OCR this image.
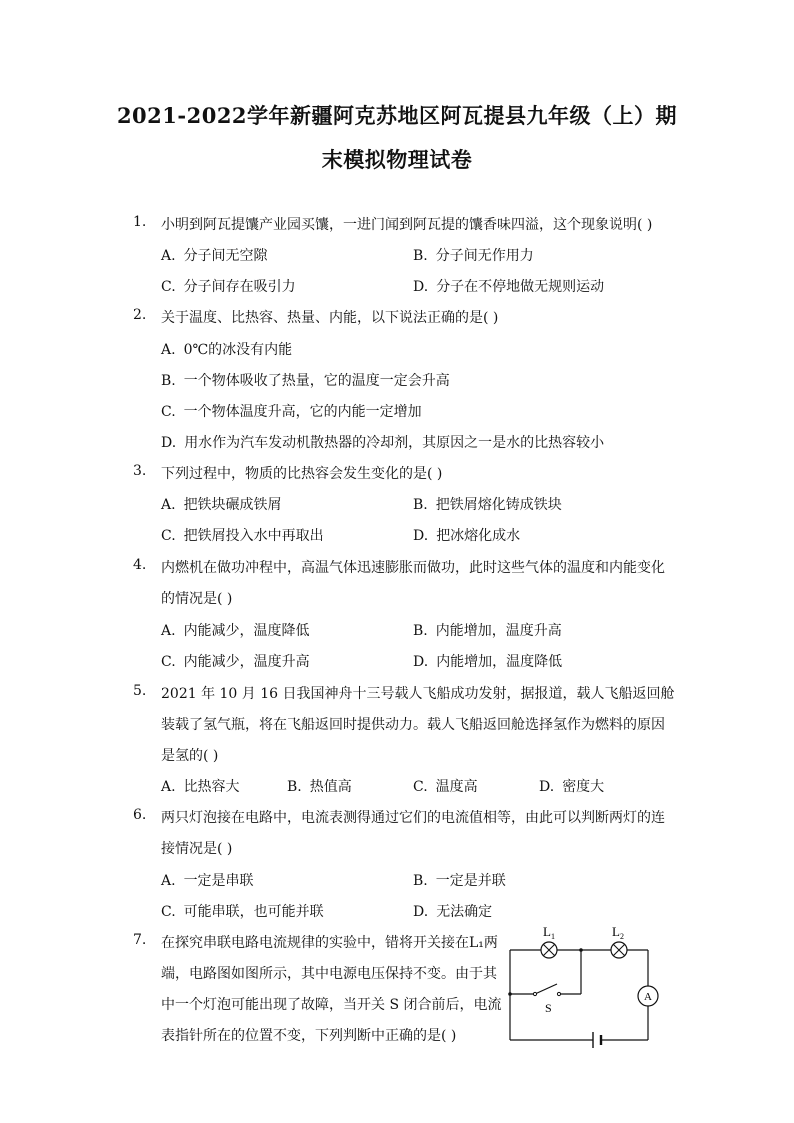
2021-2022学年新疆阿克苏地区阿瓦提县九年级（上）期
末模拟物理试卷
1. 小明到阿瓦提馕产业园买馕，一进门闻到阿瓦提的馕香味四溢，这个现象说明( )
A. 分子间无空隙	B. 分子间无作用力
C. 分子间存在吸引力	D. 分子在不停地做无规则运动
2. 关于温度、比热容、热量、内能，以下说法正确的是( )
A. 0℃的冰没有内能
B. 一个物体吸收了热量，它的温度一定会升高
C. 一个物体温度升高，它的内能一定增加
D. 用水作为汽车发动机散热器的冷却剂，其原因之一是水的比热容较小
3. 下列过程中，物质的比热容会发生变化的是( )
A. 把铁块碾成铁屑	B. 把铁屑熔化铸成铁块
C. 把铁屑投入水中再取出	D. 把冰熔化成水
4. 内燃机在做功冲程中，高温气体迅速膨胀而做功，此时这些气体的温度和内能变化
的情况是( )
A. 内能减少，温度降低	B. 内能增加，温度升高
C. 内能减少，温度升高	D. 内能增加，温度降低
5. 2021 年 10 月 16 日我国神舟十三号载人飞船成功发射，据报道，载人飞船返回舱
装载了氢气瓶，将在飞船返回时提供动力。载人飞船返回舱选择氢作为燃料的原因
是氢的( )
A. 比热容大	B. 热值高	C. 温度高	D. 密度大
6. 两只灯泡接在电路中，电流表测得通过它们的电流值相等，由此可以判断两灯的连
接情况是( )
A. 一定是串联	B. 一定是并联
C. 可能串联，也可能并联	D. 无法确定
7. 在探究串联电路电流规律的实验中，错将开关接在L₁两
端，电路图如图所示，其中电源电压保持不变。由于其
中一个灯泡可能出现了故障，当开关 S 闭合前后，电流
表指针所在的位置不变，下列判断中正确的是( )
A
$L_1$	$L_2$
S
